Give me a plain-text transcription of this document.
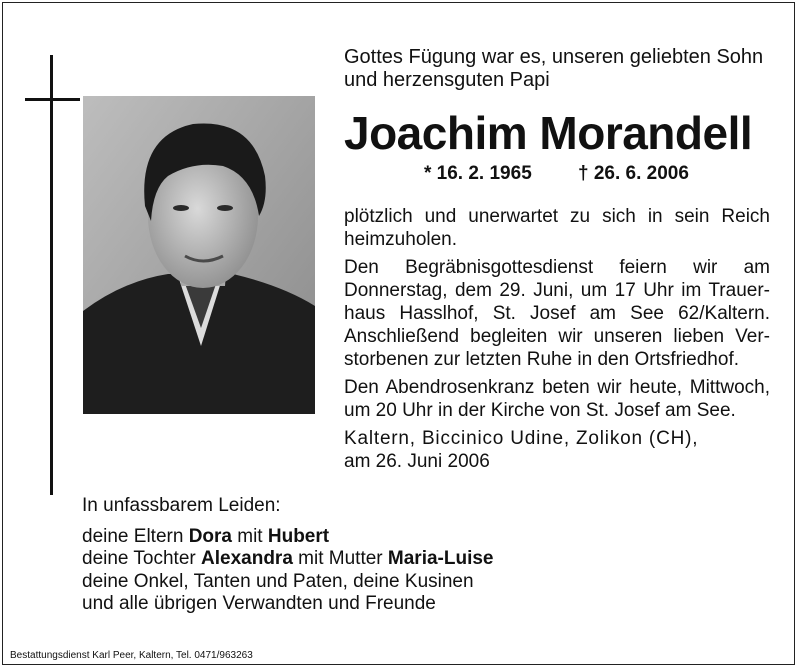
Gottes Fügung war es, unseren geliebten Sohn
und herzensguten Papi
Joachim Morandell
* 16. 2. 1965 † 26. 6. 2006

plötzlich und unerwartet zu sich in sein Reich heimzuholen.

Den Begräbnisgottesdienst feiern wir am Donnerstag, dem 29. Juni, um 17 Uhr im Trauerhaus Hasslhof, St. Josef am See 62/Kaltern. Anschließend begleiten wir unseren lieben Verstorbenen zur letzten Ruhe in den Ortsfriedhof.

Den Abendrosenkranz beten wir heute, Mittwoch, um 20 Uhr in der Kirche von St. Josef am See.

Kaltern, Biccinico Udine, Zolikon (CH),
am 26. Juni 2006

In unfassbarem Leiden:
deine Eltern Dora mit Hubert
deine Tochter Alexandra mit Mutter Maria-Luise
deine Onkel, Tanten und Paten, deine Kusinen
und alle übrigen Verwandten und Freunde
Bestattungsdienst Karl Peer, Kaltern, Tel. 0471/963263
